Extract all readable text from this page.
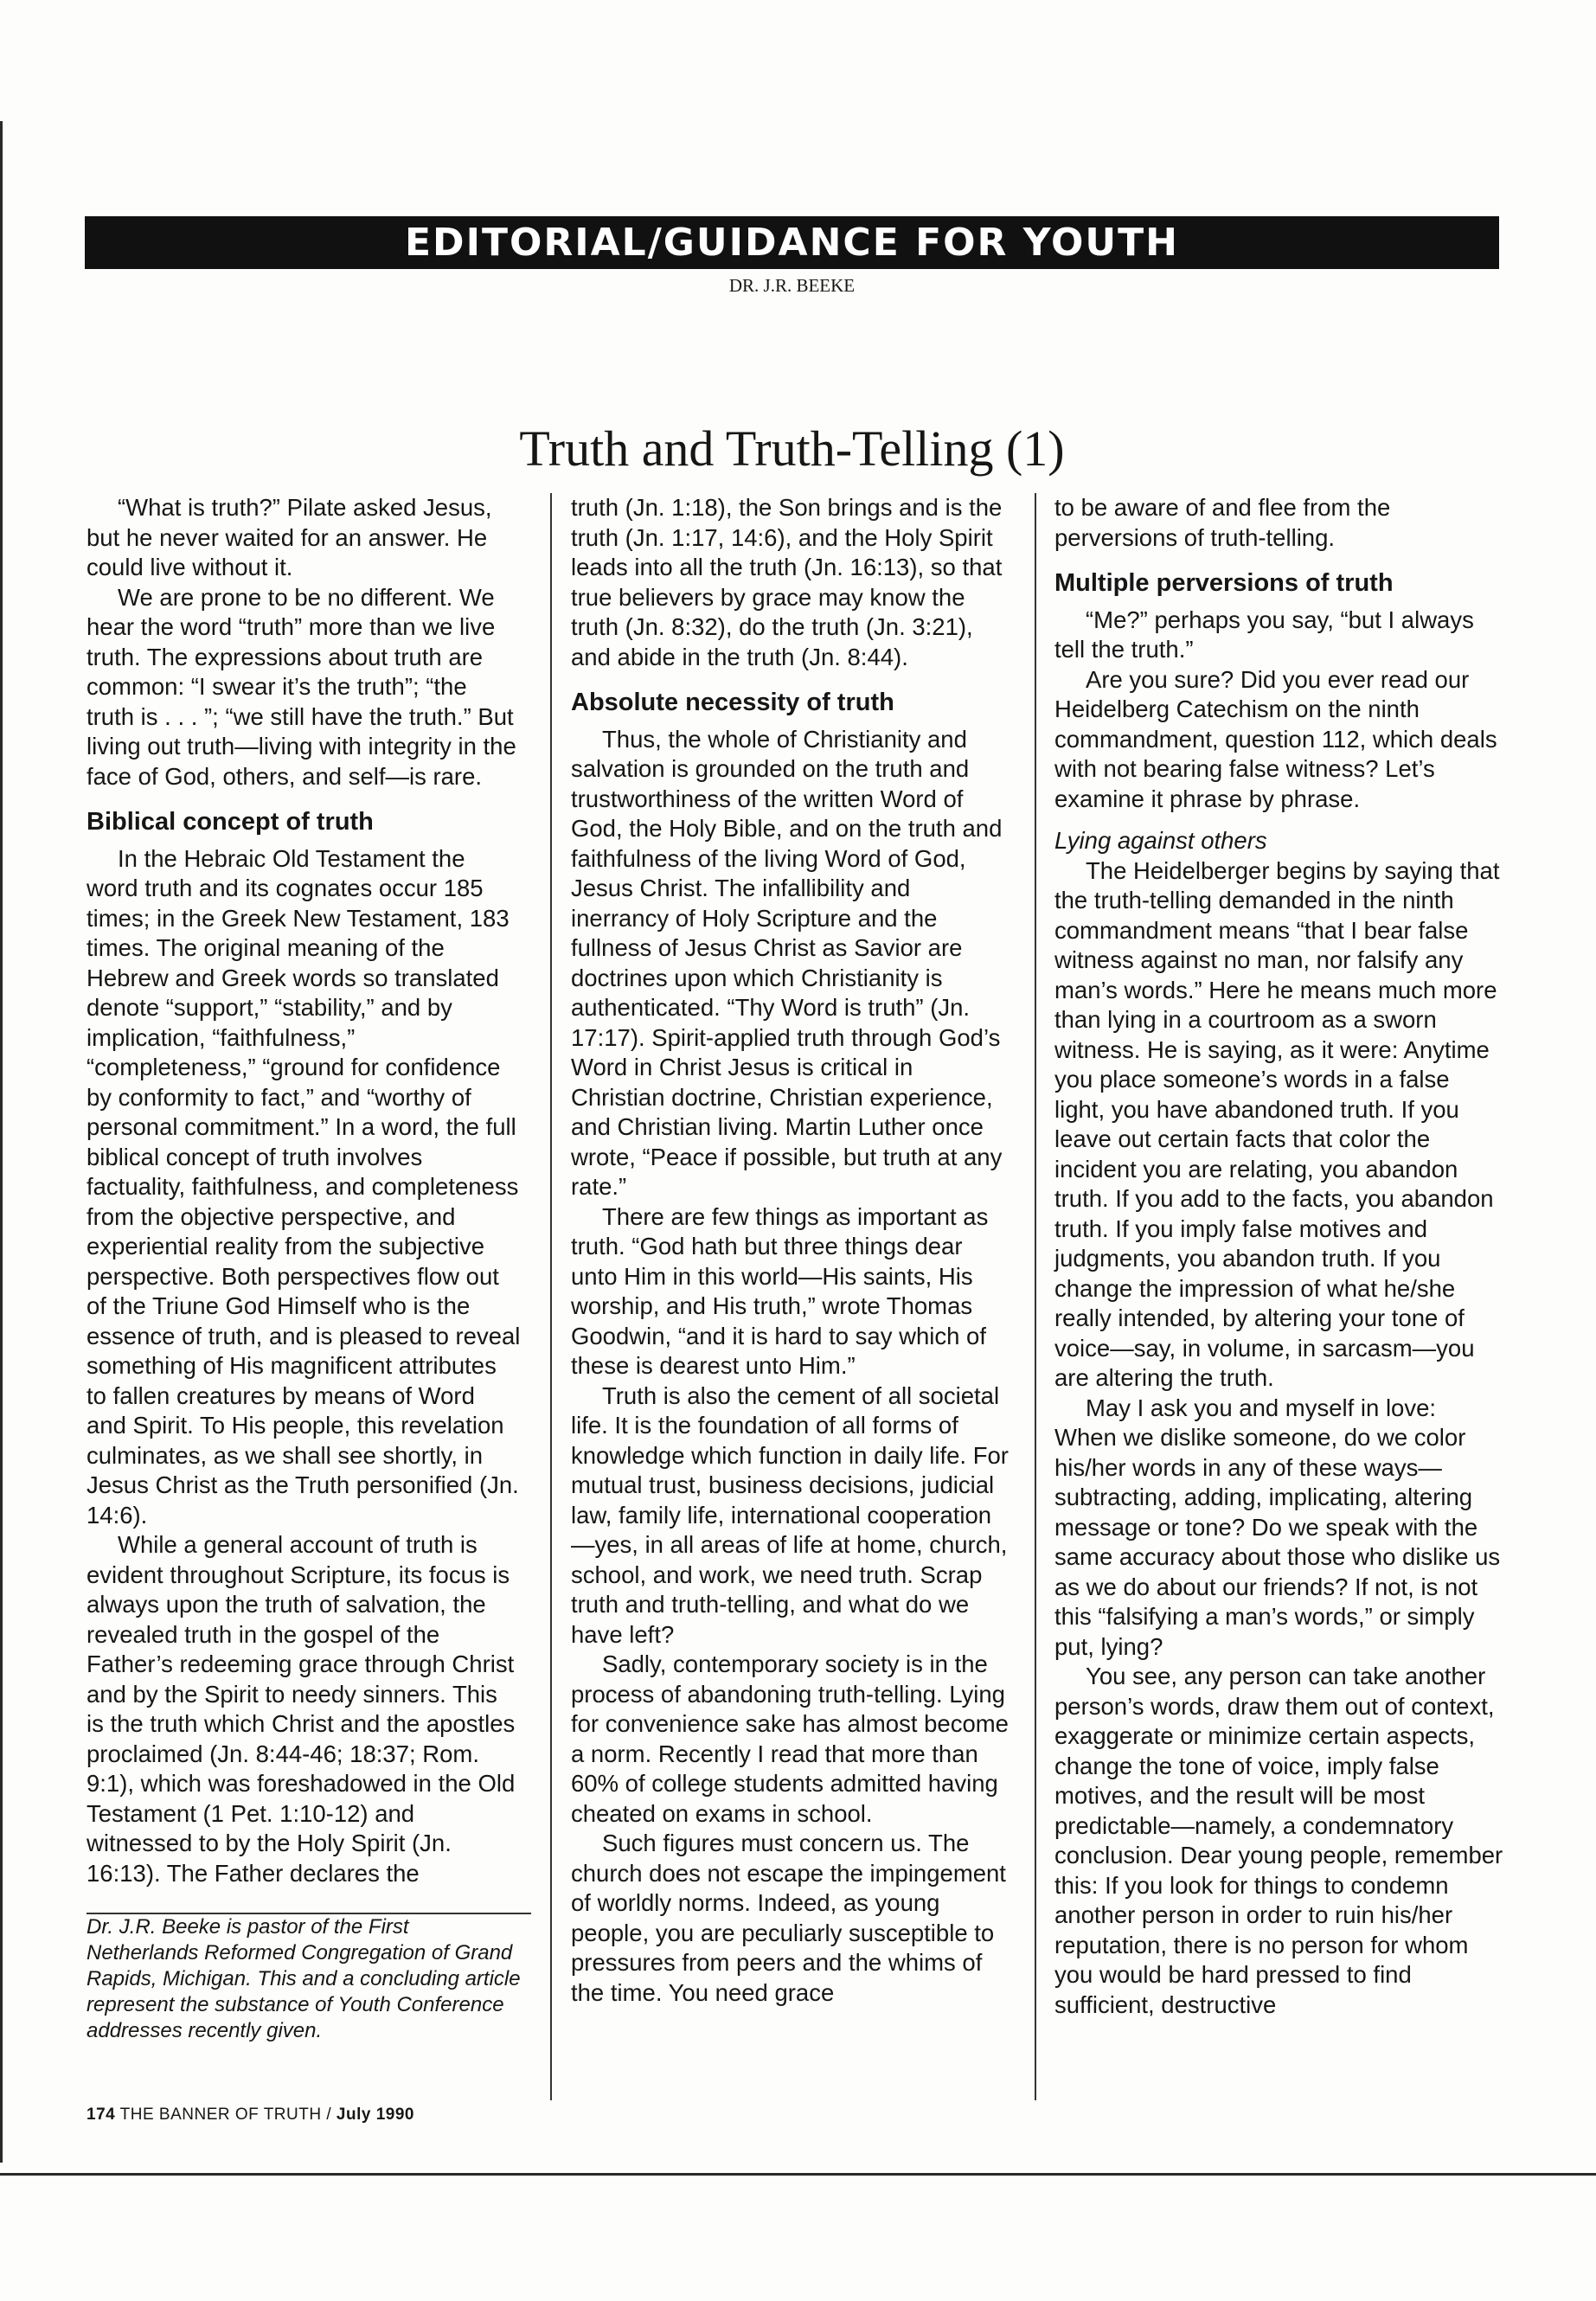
EDITORIAL/GUIDANCE FOR YOUTH
DR. J.R. BEEKE
Truth and Truth-Telling (1)

“What is truth?” Pilate asked Jesus, but he never waited for an answer. He could live without it.

We are prone to be no different. We hear the word “truth” more than we live truth. The expressions about truth are common: “I swear it’s the truth”; “the truth is . . . ”; “we still have the truth.” But living out truth—living with integrity in the face of God, others, and self—is rare.

Biblical concept of truth

In the Hebraic Old Testament the word truth and its cognates occur 185 times; in the Greek New Testament, 183 times. The original meaning of the Hebrew and Greek words so translated denote “support,” “stability,” and by implication, “faithfulness,” “completeness,” “ground for confidence by conformity to fact,” and “worthy of personal commitment.” In a word, the full biblical concept of truth involves factuality, faithfulness, and completeness from the objective perspective, and experiential reality from the subjective perspective. Both perspectives flow out of the Triune God Himself who is the essence of truth, and is pleased to reveal something of His magnificent attributes to fallen creatures by means of Word and Spirit. To His people, this revelation culminates, as we shall see shortly, in Jesus Christ as the Truth personified (Jn. 14:6).

While a general account of truth is evident throughout Scripture, its focus is always upon the truth of salvation, the revealed truth in the gospel of the Father’s redeeming grace through Christ and by the Spirit to needy sinners. This is the truth which Christ and the apostles proclaimed (Jn. 8:44-46; 18:37; Rom. 9:1), which was foreshadowed in the Old Testament (1 Pet. 1:10-12) and witnessed to by the Holy Spirit (Jn. 16:13). The Father declares the

Dr. J.R. Beeke is pastor of the First Netherlands Reformed Congregation of Grand Rapids, Michigan. This and a concluding article represent the substance of Youth Conference addresses recently given.

truth (Jn. 1:18), the Son brings and is the truth (Jn. 1:17, 14:6), and the Holy Spirit leads into all the truth (Jn. 16:13), so that true believers by grace may know the truth (Jn. 8:32), do the truth (Jn. 3:21), and abide in the truth (Jn. 8:44).

Absolute necessity of truth

Thus, the whole of Christianity and salvation is grounded on the truth and trustworthiness of the written Word of God, the Holy Bible, and on the truth and faithfulness of the living Word of God, Jesus Christ. The infallibility and inerrancy of Holy Scripture and the fullness of Jesus Christ as Savior are doctrines upon which Christianity is authenticated. “Thy Word is truth” (Jn. 17:17). Spirit-applied truth through God’s Word in Christ Jesus is critical in Christian doctrine, Christian experience, and Christian living. Martin Luther once wrote, “Peace if possible, but truth at any rate.”

There are few things as important as truth. “God hath but three things dear unto Him in this world—His saints, His worship, and His truth,” wrote Thomas Goodwin, “and it is hard to say which of these is dearest unto Him.”

Truth is also the cement of all societal life. It is the foundation of all forms of knowledge which function in daily life. For mutual trust, business decisions, judicial law, family life, international cooperation—yes, in all areas of life at home, church, school, and work, we need truth. Scrap truth and truth-telling, and what do we have left?

Sadly, contemporary society is in the process of abandoning truth-telling. Lying for convenience sake has almost become a norm. Recently I read that more than 60% of college students admitted having cheated on exams in school.

Such figures must concern us. The church does not escape the impingement of worldly norms. Indeed, as young people, you are peculiarly susceptible to pressures from peers and the whims of the time. You need grace

to be aware of and flee from the perversions of truth-telling.

Multiple perversions of truth

“Me?” perhaps you say, “but I always tell the truth.”

Are you sure? Did you ever read our Heidelberg Catechism on the ninth commandment, question 112, which deals with not bearing false witness? Let’s examine it phrase by phrase.

Lying against others

The Heidelberger begins by saying that the truth-telling demanded in the ninth commandment means “that I bear false witness against no man, nor falsify any man’s words.” Here he means much more than lying in a courtroom as a sworn witness. He is saying, as it were: Anytime you place someone’s words in a false light, you have abandoned truth. If you leave out certain facts that color the incident you are relating, you abandon truth. If you add to the facts, you abandon truth. If you imply false motives and judgments, you abandon truth. If you change the impression of what he/she really intended, by altering your tone of voice—say, in volume, in sarcasm—you are altering the truth.

May I ask you and myself in love: When we dislike someone, do we color his/her words in any of these ways—subtracting, adding, implicating, altering message or tone? Do we speak with the same accuracy about those who dislike us as we do about our friends? If not, is not this “falsifying a man’s words,” or simply put, lying?

You see, any person can take another person’s words, draw them out of context, exaggerate or minimize certain aspects, change the tone of voice, imply false motives, and the result will be most predictable—namely, a condemnatory conclusion. Dear young people, remember this: If you look for things to condemn another person in order to ruin his/her reputation, there is no person for whom you would be hard pressed to find sufficient, destructive

174 THE BANNER OF TRUTH / July 1990
